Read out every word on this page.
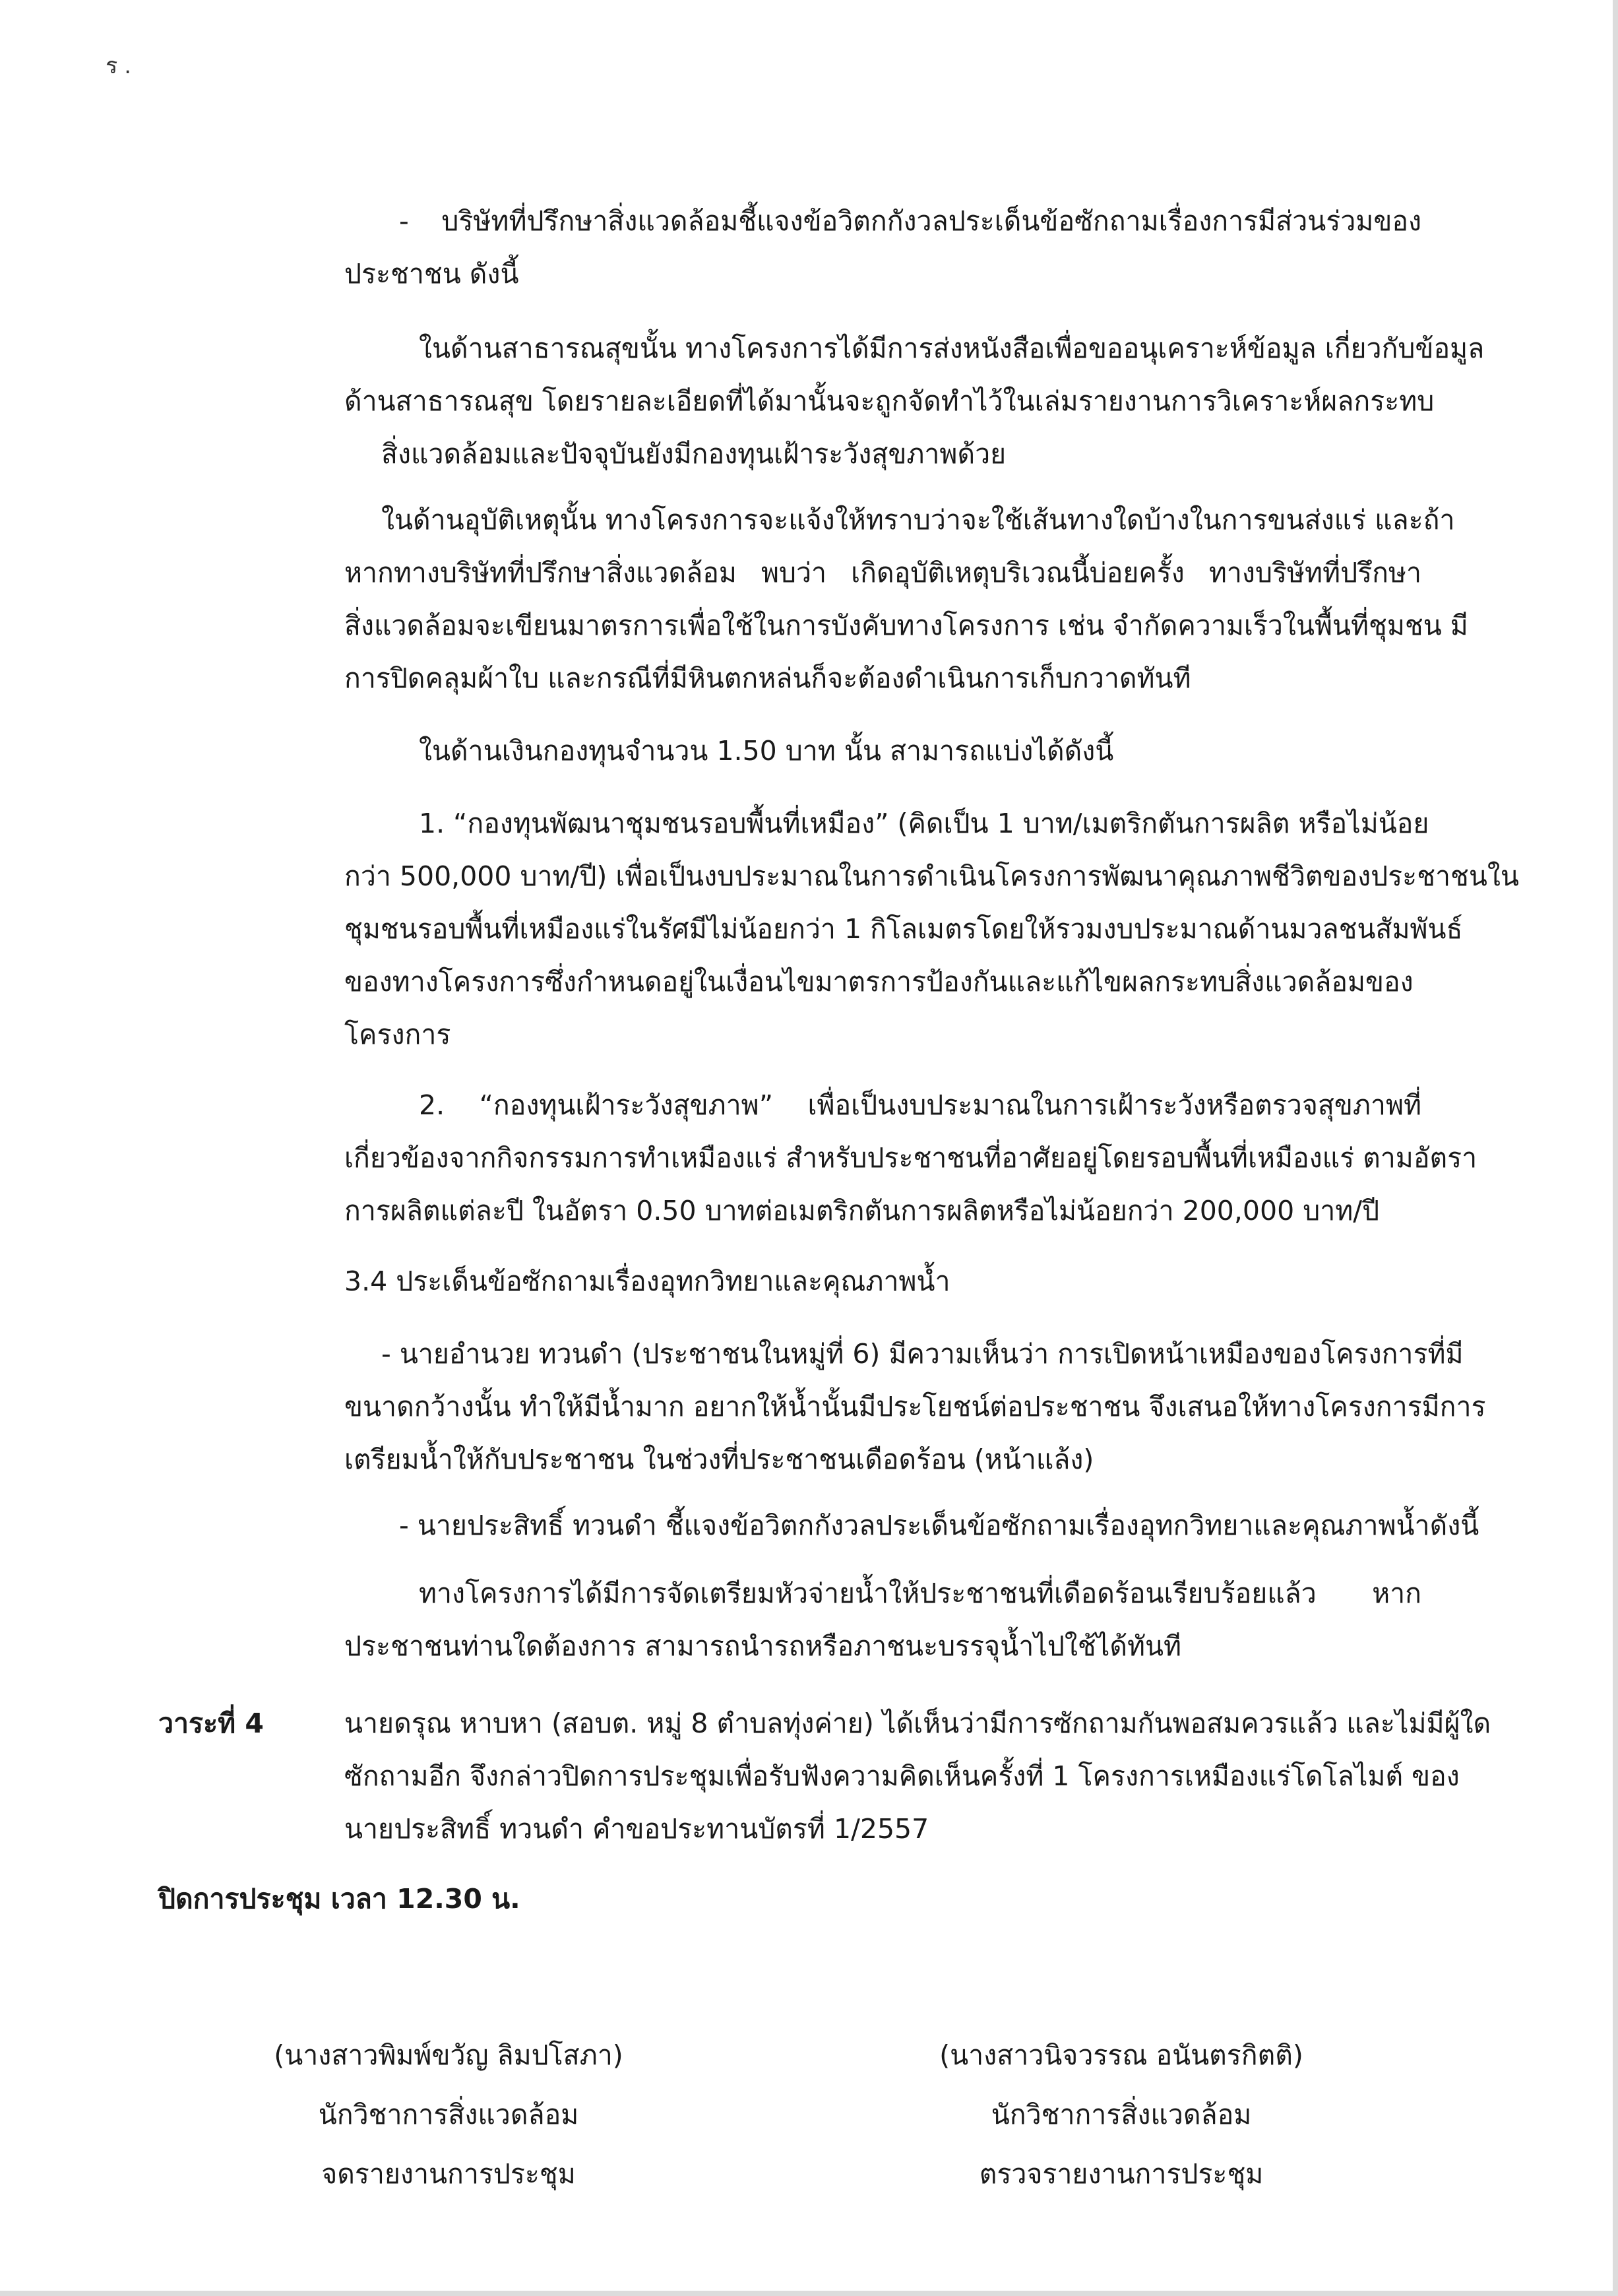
ร.
- บริษัทที่ปรึกษาสิ่งแวดล้อมชี้แจงข้อวิตกกังวลประเด็นข้อซักถามเรื่องการมีส่วนร่วมของ
ประชาชน ดังนี้
ในด้านสาธารณสุขนั้น ทางโครงการได้มีการส่งหนังสือเพื่อขออนุเคราะห์ข้อมูล เกี่ยวกับข้อมูล
ด้านสาธารณสุข โดยรายละเอียดที่ได้มานั้นจะถูกจัดทำไว้ในเล่มรายงานการวิเคราะห์ผลกระทบ
สิ่งแวดล้อมและปัจจุบันยังมีกองทุนเฝ้าระวังสุขภาพด้วย
ในด้านอุบัติเหตุนั้น ทางโครงการจะแจ้งให้ทราบว่าจะใช้เส้นทางใดบ้างในการขนส่งแร่ และถ้า
หากทางบริษัทที่ปรึกษาสิ่งแวดล้อม พบว่า เกิดอุบัติเหตุบริเวณนี้บ่อยครั้ง ทางบริษัทที่ปรึกษา
สิ่งแวดล้อมจะเขียนมาตรการเพื่อใช้ในการบังคับทางโครงการ เช่น จำกัดความเร็วในพื้นที่ชุมชน มี
การปิดคลุมผ้าใบ และกรณีที่มีหินตกหล่นก็จะต้องดำเนินการเก็บกวาดทันที
ในด้านเงินกองทุนจำนวน 1.50 บาท นั้น สามารถแบ่งได้ดังนี้
1. “กองทุนพัฒนาชุมชนรอบพื้นที่เหมือง” (คิดเป็น 1 บาท/เมตริกตันการผลิต หรือไม่น้อย
กว่า 500,000 บาท/ปี) เพื่อเป็นงบประมาณในการดำเนินโครงการพัฒนาคุณภาพชีวิตของประชาชนใน
ชุมชนรอบพื้นที่เหมืองแร่ในรัศมีไม่น้อยกว่า 1 กิโลเมตรโดยให้รวมงบประมาณด้านมวลชนสัมพันธ์
ของทางโครงการซึ่งกำหนดอยู่ในเงื่อนไขมาตรการป้องกันและแก้ไขผลกระทบสิ่งแวดล้อมของ
โครงการ
2. “กองทุนเฝ้าระวังสุขภาพ” เพื่อเป็นงบประมาณในการเฝ้าระวังหรือตรวจสุขภาพที่
เกี่ยวข้องจากกิจกรรมการทำเหมืองแร่ สำหรับประชาชนที่อาศัยอยู่โดยรอบพื้นที่เหมืองแร่ ตามอัตรา
การผลิตแต่ละปี ในอัตรา 0.50 บาทต่อเมตริกตันการผลิตหรือไม่น้อยกว่า 200,000 บาท/ปี
3.4 ประเด็นข้อซักถามเรื่องอุทกวิทยาและคุณภาพน้ำ
- นายอำนวย ทวนดำ (ประชาชนในหมู่ที่ 6) มีความเห็นว่า การเปิดหน้าเหมืองของโครงการที่มี
ขนาดกว้างนั้น ทำให้มีน้ำมาก อยากให้น้ำนั้นมีประโยชน์ต่อประชาชน จึงเสนอให้ทางโครงการมีการ
เตรียมน้ำให้กับประชาชน ในช่วงที่ประชาชนเดือดร้อน (หน้าแล้ง)
- นายประสิทธิ์ ทวนดำ ชี้แจงข้อวิตกกังวลประเด็นข้อซักถามเรื่องอุทกวิทยาและคุณภาพน้ำดังนี้
ทางโครงการได้มีการจัดเตรียมหัวจ่ายน้ำให้ประชาชนที่เดือดร้อนเรียบร้อยแล้ว หาก
ประชาชนท่านใดต้องการ สามารถนำรถหรือภาชนะบรรจุน้ำไปใช้ได้ทันที
วาระที่ 4	นายดรุณ หาบหา (สอบต. หมู่ 8 ตำบลทุ่งค่าย) ได้เห็นว่ามีการซักถามกันพอสมควรแล้ว และไม่มีผู้ใด
ซักถามอีก จึงกล่าวปิดการประชุมเพื่อรับฟังความคิดเห็นครั้งที่ 1 โครงการเหมืองแร่โดโลไมต์ ของ
นายประสิทธิ์ ทวนดำ คำขอประทานบัตรที่ 1/2557
ปิดการประชุม เวลา 12.30 น.
(นางสาวพิมพ์ขวัญ ลิมปโสภา)
นักวิชาการสิ่งแวดล้อม
จดรายงานการประชุม
(นางสาวนิจวรรณ อนันตรกิตติ)
นักวิชาการสิ่งแวดล้อม
ตรวจรายงานการประชุม
